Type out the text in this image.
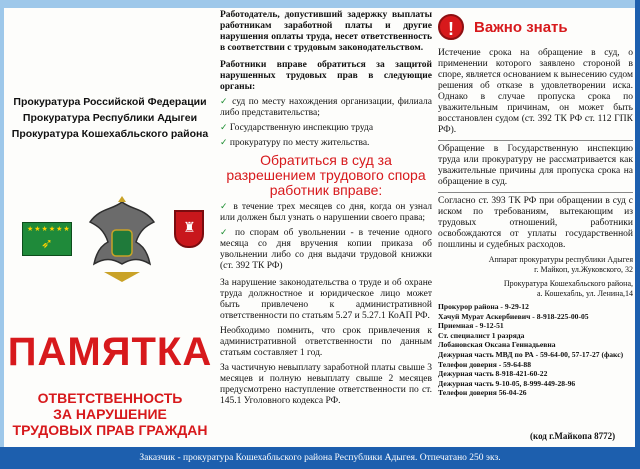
Прокуратура Российской Федерации
Прокуратура Республики Адыгеи
Прокуратура Кошехабльского района
★★★★★★
➶
♜
ПАМЯТКА
ОТВЕТСТВЕННОСТЬ
ЗА НАРУШЕНИЕ
ТРУДОВЫХ ПРАВ ГРАЖДАН

Работодатель, допустивший задержку выплаты работникам заработной платы и другие нарушения оплаты труда, несет ответственность в соответствии с трудовым законодательством.

Работники вправе обратиться за защитой нарушенных трудовых прав в следующие органы:

✓ суд по месту нахождения организации, филиала либо представительства;

✓ Государственную инспекцию труда

✓ прокуратуру по месту жительства.

Обратиться в суд за разрешением трудового спора работник вправе:

✓ в течение трех месяцев со дня, когда он узнал или должен был узнать о нарушении своего права;

✓ по спорам об увольнении - в течение одного месяца со дня вручения копии приказа об увольнении либо со дня выдачи трудовой книжки (ст. 392 ТК РФ)

За нарушение законодательства о труде и об охране труда должностное и юридическое лицо может быть привлечено к административной ответственности по статьям 5.27 и 5.27.1 КоАП РФ.

Необходимо помнить, что срок привлечения к административной ответственности по данным статьям составляет 1 год.

За частичную невыплату заработной платы свыше 3 месяцев и полную невыплату свыше 2 месяцев предусмотрено наступление ответственности по ст. 145.1 Уголовного кодекса РФ.

!	Важно знать

Истечение срока на обращение в суд, о применении которого заявлено стороной в споре, является основанием к вынесению судом решения об отказе в удовлетворении иска. Однако в случае пропуска срока по уважительным причинам, он может быть восстановлен судом (ст. 392 ТК РФ ст. 112 ГПК РФ).

Обращение в Государственную инспекцию труда или прокуратуру не рассматривается как уважительные причины для пропуска срока на обращение в суд.

Согласно ст. 393 ТК РФ при обращении в суд с иском по требованиям, вытекающим из трудовых отношений, работники освобождаются от уплаты государственной пошлины и судебных расходов.

Аппарат прокуратуры республики Адыгея
г. Майкоп, ул.Жуковского, 32
Прокуратура Кошехабльского района,
а. Кошехабль, ул. Ленина,14
Прокурор района - 9-29-12
Хачуй Мурат Аскербиевич - 8-918-225-00-05
Приемная - 9-12-51
Ст. специалист 1 разряда
Лобановская Оксана Геннадьевна
Дежурная часть МВД по РА - 59-64-00, 57-17-27 (факс)
Телефон доверия - 59-64-88
Дежурная часть 8-918-421-60-22
Дежурная часть 9-10-05, 8-999-449-28-96
Телефон доверия 56-04-26
(код г.Майкопа 8772)
Заказчик - прокуратура Кошехабльского района Республики Адыгея. Отпечатано 250 экз.
